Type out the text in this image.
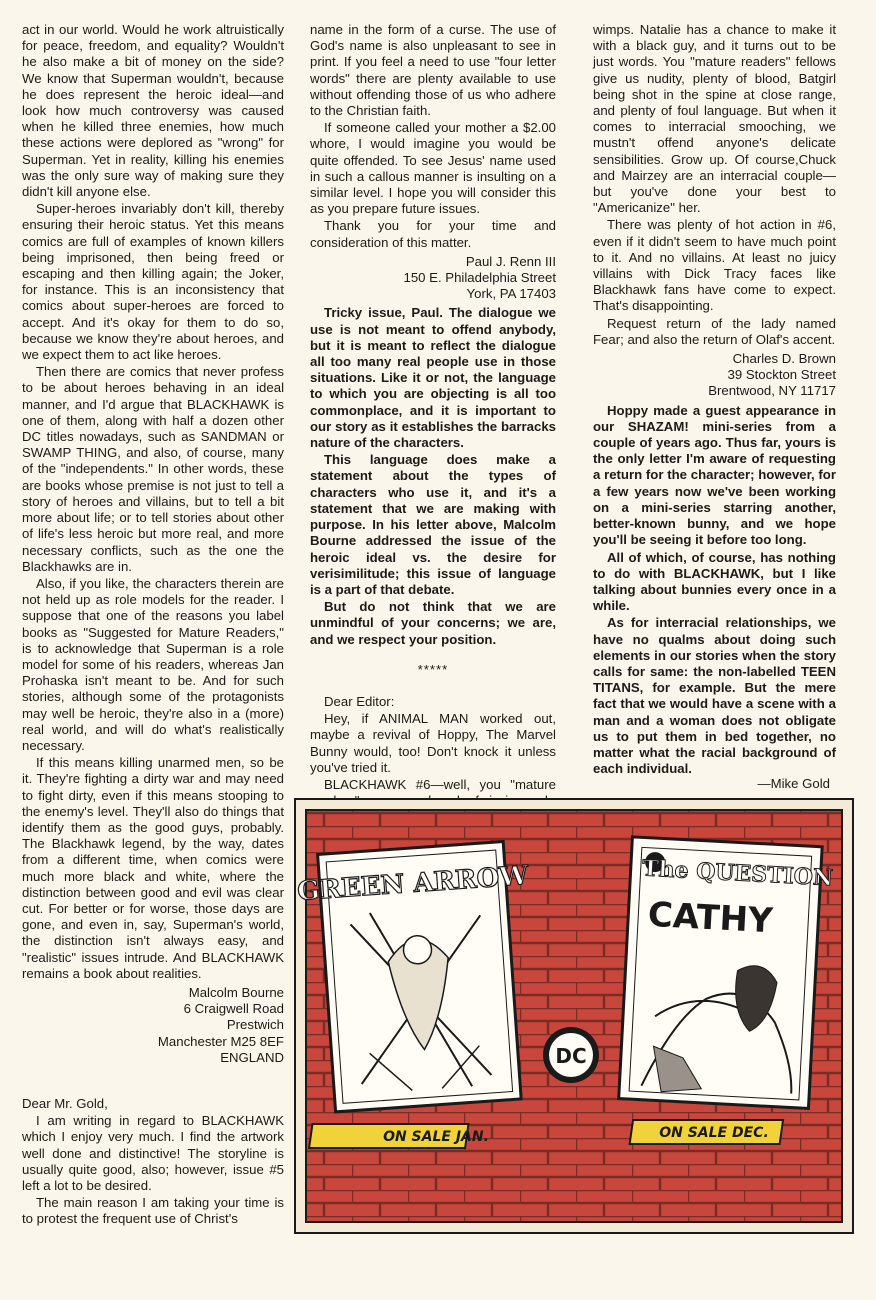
act in our world. Would he work altruistically for peace, freedom, and equality? Wouldn't he also make a bit of money on the side? We know that Superman wouldn't, because he does represent the heroic ideal—and look how much controversy was caused when he killed three enemies, how much these actions were deplored as "wrong" for Superman. Yet in reality, killing his enemies was the only sure way of making sure they didn't kill anyone else.

Super-heroes invariably don't kill, thereby ensuring their heroic status. Yet this means comics are full of examples of known killers being imprisoned, then being freed or escaping and then killing again; the Joker, for instance. This is an inconsistency that comics about super-heroes are forced to accept. And it's okay for them to do so, because we know they're about heroes, and we expect them to act like heroes.

Then there are comics that never profess to be about heroes behaving in an ideal manner, and I'd argue that BLACKHAWK is one of them, along with half a dozen other DC titles nowadays, such as SANDMAN or SWAMP THING, and also, of course, many of the "independents." In other words, these are books whose premise is not just to tell a story of heroes and villains, but to tell a bit more about life; or to tell stories about other of life's less heroic but more real, and more necessary conflicts, such as the one the Blackhawks are in.

Also, if you like, the characters therein are not held up as role models for the reader. I suppose that one of the reasons you label books as "Suggested for Mature Readers," is to acknowledge that Superman is a role model for some of his readers, whereas Jan Prohaska isn't meant to be. And for such stories, although some of the protagonists may well be heroic, they're also in a (more) real world, and will do what's realistically necessary.

If this means killing unarmed men, so be it. They're fighting a dirty war and may need to fight dirty, even if this means stooping to the enemy's level. They'll also do things that identify them as the good guys, probably. The Blackhawk legend, by the way, dates from a different time, when comics were much more black and white, where the distinction between good and evil was clear cut. For better or for worse, those days are gone, and even in, say, Superman's world, the distinction isn't always easy, and "realistic" issues intrude. And BLACKHAWK remains a book about realities.

Malcolm Bourne
6 Craigwell Road
Prestwich
Manchester M25 8EF
ENGLAND

Dear Mr. Gold,

I am writing in regard to BLACKHAWK which I enjoy very much. I find the artwork well done and distinctive! The storyline is usually quite good, also; however, issue #5 left a lot to be desired.

The main reason I am taking your time is to protest the frequent use of Christ's

name in the form of a curse. The use of God's name is also unpleasant to see in print. If you feel a need to use "four letter words" there are plenty available to use without offending those of us who adhere to the Christian faith.

If someone called your mother a $2.00 whore, I would imagine you would be quite offended. To see Jesus' name used in such a callous manner is insulting on a similar level. I hope you will consider this as you prepare future issues.

Thank you for your time and consideration of this matter.

Paul J. Renn III
150 E. Philadelphia Street
York, PA 17403

Tricky issue, Paul. The dialogue we use is not meant to offend anybody, but it is meant to reflect the dialogue all too many real people use in those situations. Like it or not, the language to which you are objecting is all too commonplace, and it is important to our story as it establishes the barracks nature of the characters.

This language does make a statement about the types of characters who use it, and it's a statement that we are making with purpose. In his letter above, Malcolm Bourne addressed the issue of the heroic ideal vs. the desire for verisimilitude; this issue of language is a part of that debate.

But do not think that we are unmindful of your concerns; we are, and we respect your position.

*****

Dear Editor:

Hey, if ANIMAL MAN worked out, maybe a revival of Hoppy, The Marvel Bunny would, too! Don't knock it unless you've tried it.

BLACKHAWK #6—well, you "mature

wimps. Natalie has a chance to make it with a black guy, and it turns out to be just words. You "mature readers" fellows give us nudity, plenty of blood, Batgirl being shot in the spine at close range, and plenty of foul language. But when it comes to interracial smooching, we mustn't offend anyone's delicate sensibilities. Grow up. Of course,Chuck and Mairzey are an interracial couple—but you've done your best to "Americanize" her.

There was plenty of hot action in #6, even if it didn't seem to have much point to it. And no villains. At least no juicy villains with Dick Tracy faces like Blackhawk fans have come to expect. That's disappointing.

Request return of the lady named Fear; and also the return of Olaf's accent.

Charles D. Brown
39 Stockton Street
Brentwood, NY 11717

Hoppy made a guest appearance in our SHAZAM! mini-series from a couple of years ago. Thus far, yours is the only letter I'm aware of requesting a return for the character; however, for a few years now we've been working on a mini-series starring another, better-known bunny, and we hope you'll be seeing it before too long.

All of which, of course, has nothing to do with BLACKHAWK, but I like talking about bunnies every once in a while.

As for interracial relationships, we have no qualms about doing such elements in our stories when the story calls for same: the non-labelled TEEN TITANS, for example. But the mere fact that we would have a scene with a man and a woman does not obligate us to put them in bed together, no matter what the racial background of each individual.

—Mike Gold
GREEN ARROW	The QUESTION
CATHY
DC
ON SALE JAN.	ON SALE DEC.
